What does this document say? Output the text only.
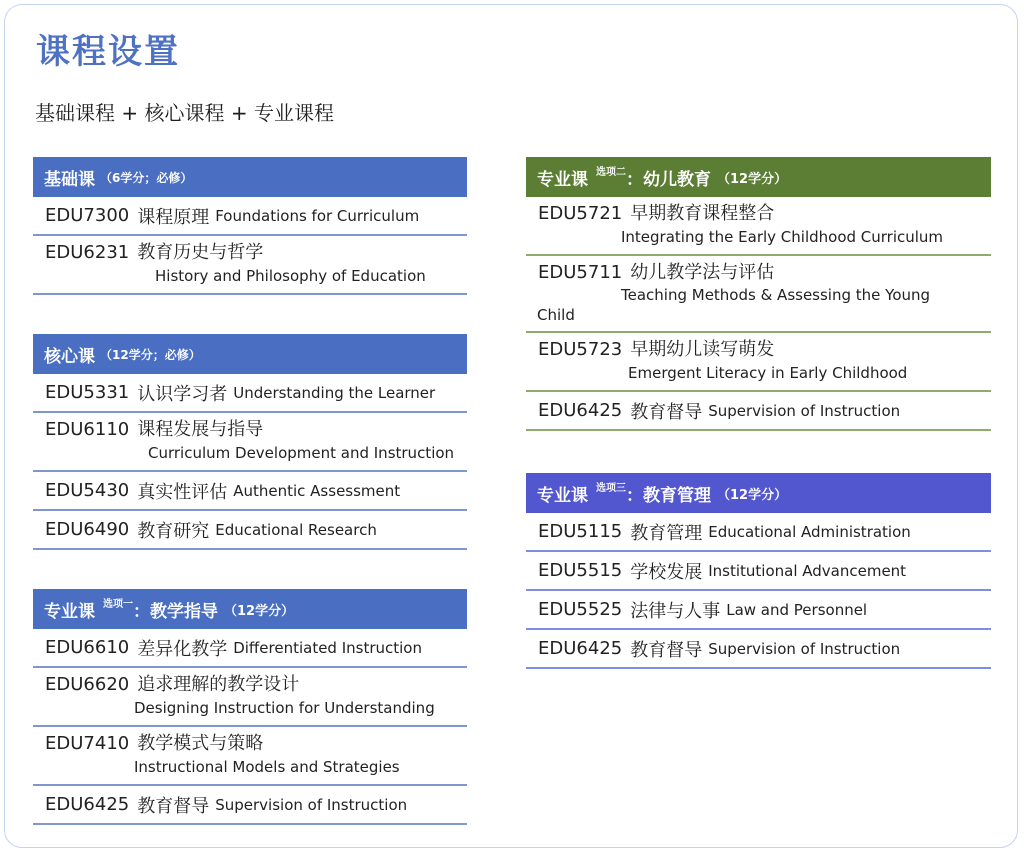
课程设置
基础课程 + 核心课程 + 专业课程
基础课 （6学分；必修）
EDU7300 课程原理 Foundations for Curriculum
EDU6231 教育历史与哲学
History and Philosophy of Education
核心课 （12学分；必修）
EDU5331 认识学习者 Understanding the Learner
EDU6110 课程发展与指导
Curriculum Development and Instruction
EDU5430 真实性评估 Authentic Assessment
EDU6490 教育研究 Educational Research
专业课 选项一 ：教学指导 （12学分）
EDU6610 差异化教学 Differentiated Instruction
EDU6620 追求理解的教学设计
Designing Instruction for Understanding
EDU7410 教学模式与策略
Instructional Models and Strategies
EDU6425 教育督导 Supervision of Instruction
专业课 选项二 ：幼儿教育 （12学分）
EDU5721 早期教育课程整合
Integrating the Early Childhood Curriculum
EDU5711 幼儿教学法与评估
Teaching Methods & Assessing the Young
Child
EDU5723 早期幼儿读写萌发
Emergent Literacy in Early Childhood
EDU6425 教育督导 Supervision of Instruction
专业课 选项三 ：教育管理 （12学分）
EDU5115 教育管理 Educational Administration
EDU5515 学校发展 Institutional Advancement
EDU5525 法律与人事 Law and Personnel
EDU6425 教育督导 Supervision of Instruction
